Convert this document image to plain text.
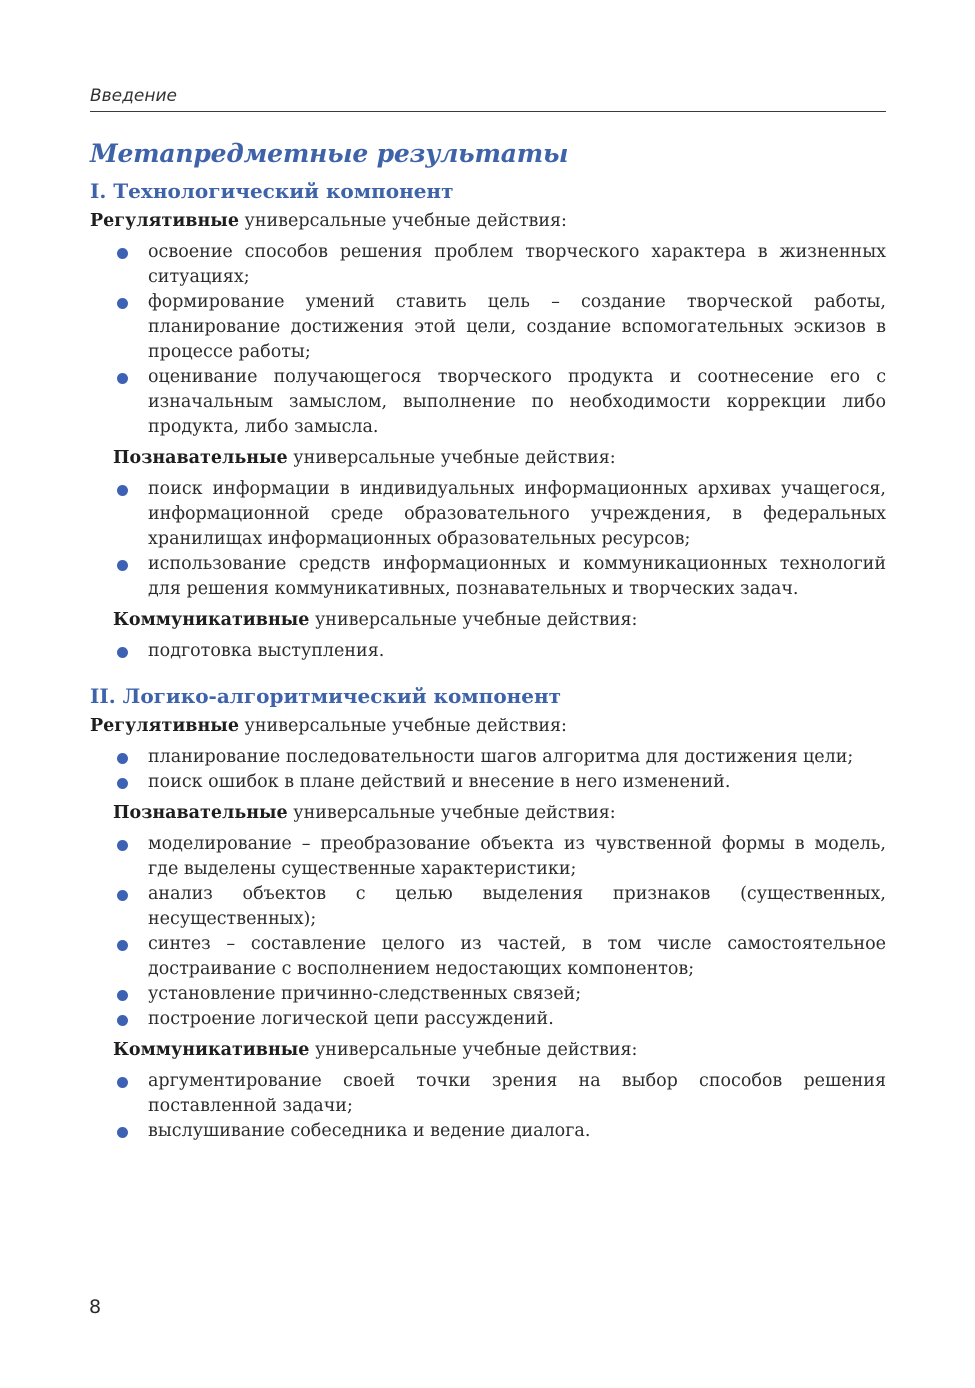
Введение
Метапредметные результаты
I. Технологический компонент

Регулятивные универсальные учебные действия:

освоение способов решения проблем творческого характера в жизненных ситуациях;
формирование умений ставить цель – создание творческой работы, планирование достижения этой цели, создание вспомогательных эскизов в процессе работы;
оценивание получающегося творческого продукта и соотнесение его с изначальным замыслом, выполнение по необходимости коррекции либо продукта, либо замысла.

Познавательные универсальные учебные действия:

поиск информации в индивидуальных информационных архивах учащегося, информационной среде образовательного учреждения, в федеральных хранилищах информационных образовательных ресурсов;
использование средств информационных и коммуникационных технологий для решения коммуникативных, познавательных и творческих задач.

Коммуникативные универсальные учебные действия:

подготовка выступления.
II. Логико-алгоритмический компонент

Регулятивные универсальные учебные действия:

планирование последовательности шагов алгоритма для достижения цели;
поиск ошибок в плане действий и внесение в него изменений.

Познавательные универсальные учебные действия:

моделирование – преобразование объекта из чувственной формы в модель, где выделены существенные характеристики;
анализ объектов с целью выделения признаков (существенных, несущественных);
синтез – составление целого из частей, в том числе самостоятельное достраивание с восполнением недостающих компонентов;
установление причинно-следственных связей;
построение логической цепи рассуждений.

Коммуникативные универсальные учебные действия:

аргументирование своей точки зрения на выбор способов решения поставленной задачи;
выслушивание собеседника и ведение диалога.
8
